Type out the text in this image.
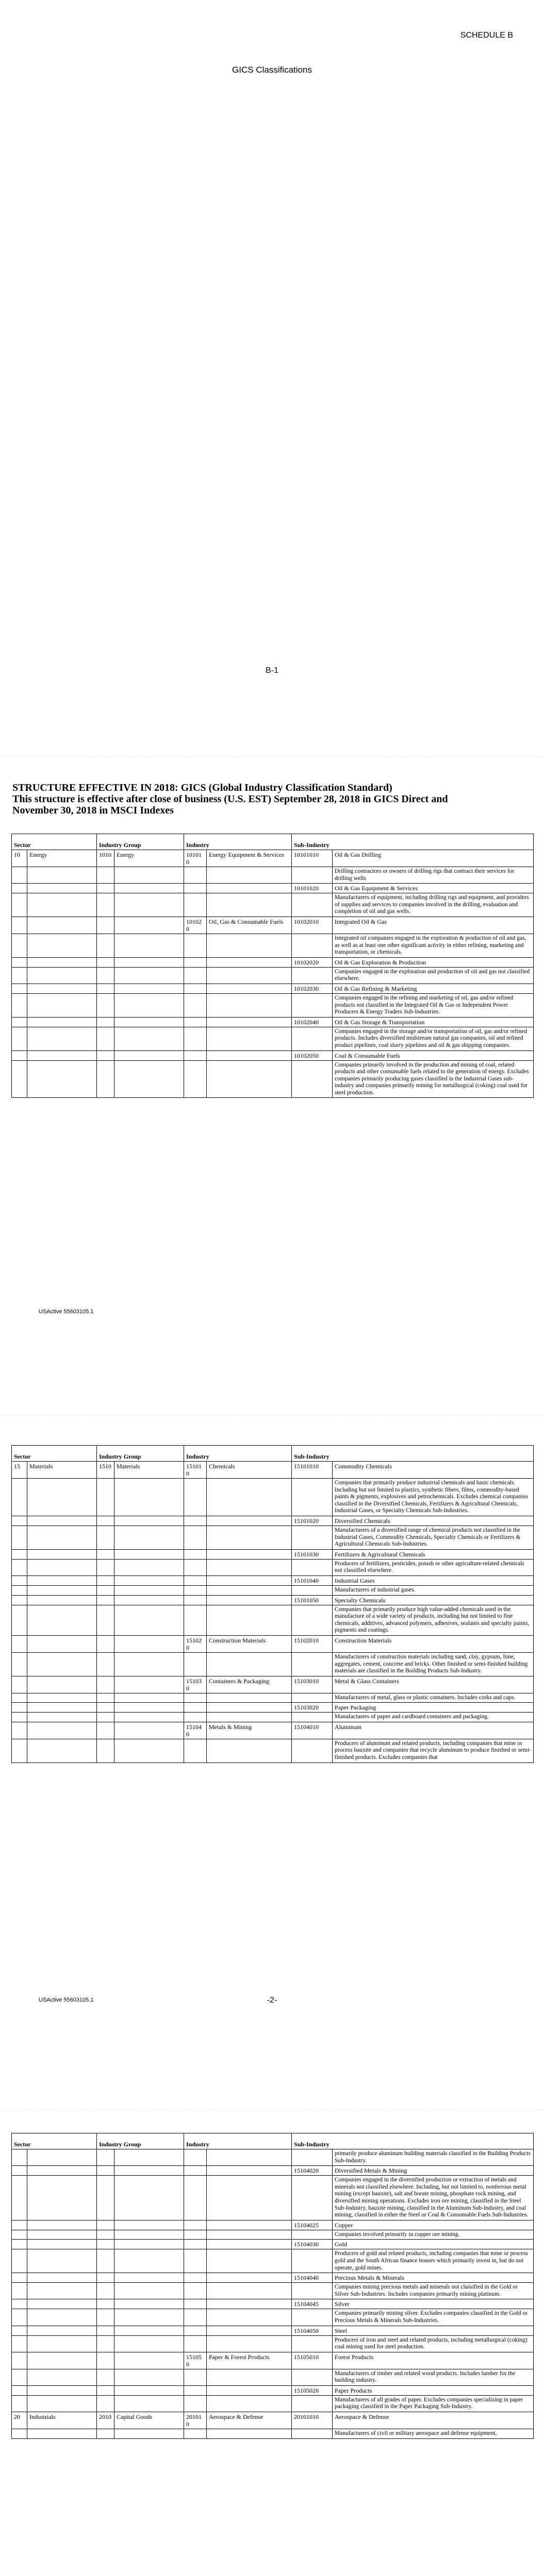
SCHEDULE B
GICS Classifications
B-1
STRUCTURE EFFECTIVE IN 2018: GICS (Global Industry Classification Standard)
This structure is effective after close of business (U.S. EST) September 28, 2018 in GICS Direct and
November 30, 2018 in MSCI Indexes
Sector		Industry Group		Industry		Sub-Industry	
10	Energy	1010	Energy	101010	Energy Equipment & Services	10101010	Oil & Gas Drilling
							Drilling contractors or owners of drilling rigs that contract their services for drilling wells
						10101020	Oil & Gas Equipment & Services
							Manufacturers of equipment, including drilling rigs and equipment, and providers of supplies and services to companies involved in the drilling, evaluation and completion of oil and gas wells.
				101020	Oil, Gas & Consumable Fuels	10102010	Integrated Oil & Gas
							Integrated oil companies engaged in the exploration & production of oil and gas, as well as at least one other significant activity in either refining, marketing and transportation, or chemicals.
						10102020	Oil & Gas Exploration & Production
							Companies engaged in the exploration and production of oil and gas not classified elsewhere.
						10102030	Oil & Gas Refining & Marketing
							Companies engaged in the refining and marketing of oil, gas and/or refined products not classified in the Integrated Oil & Gas or Independent Power Producers & Energy Traders Sub-Industries.
						10102040	Oil & Gas Storage & Transportation
							Companies engaged in the storage and/or transportation of oil, gas and/or refined products. Includes diversified midstream natural gas companies, oil and refined product pipelines, coal slurry pipelines and oil & gas shipping companies.
						10102050	Coal & Consumable Fuels
							Companies primarily involved in the production and mining of coal, related products and other consumable fuels related to the generation of energy. Excludes companies primarily producing gases classified in the Industrial Gases sub-industry and companies primarily mining for metallurgical (coking) coal used for steel production.
USActive 55603105.1
Sector		Industry Group		Industry		Sub-Industry	
15	Materials	1510	Materials	151010	Chemicals	15101010	Commodity Chemicals
							Companies that primarily produce industrial chemicals and basic chemicals. Including but not limited to plastics, synthetic fibers, films, commodity-based paints & pigments, explosives and petrochemicals. Excludes chemical companies classified in the Diversified Chemicals, Fertilizers & Agricultural Chemicals, Industrial Gases, or Specialty Chemicals Sub-Industries.
						15101020	Diversified Chemicals
							Manufacturers of a diversified range of chemical products not classified in the Industrial Gases, Commodity Chemicals, Specialty Chemicals or Fertilizers & Agricultural Chemicals Sub-Industries.
						15101030	Fertilizers & Agricultural Chemicals
							Producers of fertilizers, pesticides, potash or other agriculture-related chemicals not classified elsewhere.
						15101040	Industrial Gases
							Manufacturers of industrial gases.
						15101050	Specialty Chemicals
							Companies that primarily produce high value-added chemicals used in the manufacture of a wide variety of products, including but not limited to fine chemicals, additives, advanced polymers, adhesives, sealants and specialty paints, pigments and coatings.
				151020	Construction Materials	15102010	Construction Materials
							Manufacturers of construction materials including sand, clay, gypsum, lime, aggregates, cement, concrete and bricks. Other finished or semi-finished building materials are classified in the Building Products Sub-Industry.
				151030	Containers & Packaging	15103010	Metal & Glass Containers
							Manufacturers of metal, glass or plastic containers. Includes corks and caps.
						15103020	Paper Packaging
							Manufacturers of paper and cardboard containers and packaging.
				151040	Metals & Mining	15104010	Aluminum
							Producers of aluminum and related products, including companies that mine or process bauxite and companies that recycle aluminum to produce finished or semi-finished products. Excludes companies that
USActive 55603105.1	-2-
Sector		Industry Group		Industry		Sub-Industry	
							primarily produce aluminum building materials classified in the Building Products Sub-Industry.
						15104020	Diversified Metals & Mining
							Companies engaged in the diversified production or extraction of metals and minerals not classified elsewhere. Including, but not limited to, nonferrous metal mining (except bauxite), salt and borate mining, phosphate rock mining, and diversified mining operations. Excludes iron ore mining, classified in the Steel Sub-Industry, bauxite mining, classified in the Aluminum Sub-Industry, and coal mining, classified in either the Steel or Coal & Consumable Fuels Sub-Industries.
						15104025	Copper
							Companies involved primarily in copper ore mining.
						15104030	Gold
							Producers of gold and related products, including companies that mine or process gold and the South African finance houses which primarily invest in, but do not operate, gold mines.
						15104040	Precious Metals & Minerals
							Companies mining precious metals and minerals not classified in the Gold or Silver Sub-Industries. Includes companies primarily mining platinum.
						15104045	Silver
							Companies primarily mining silver. Excludes companies classified in the Gold or Precious Metals & Minerals Sub-Industries.
						15104050	Steel
							Producers of iron and steel and related products, including metallurgical (coking) coal mining used for steel production.
				151050	Paper & Forest Products	15105010	Forest Products
							Manufacturers of timber and related wood products. Includes lumber for the building industry.
						15105020	Paper Products
							Manufacturers of all grades of paper. Excludes companies specializing in paper packaging classified in the Paper Packaging Sub-Industry.
20	Industrials	2010	Capital Goods	201010	Aerospace & Defense	20101010	Aerospace & Defense
							Manufacturers of civil or military aerospace and defense equipment,
